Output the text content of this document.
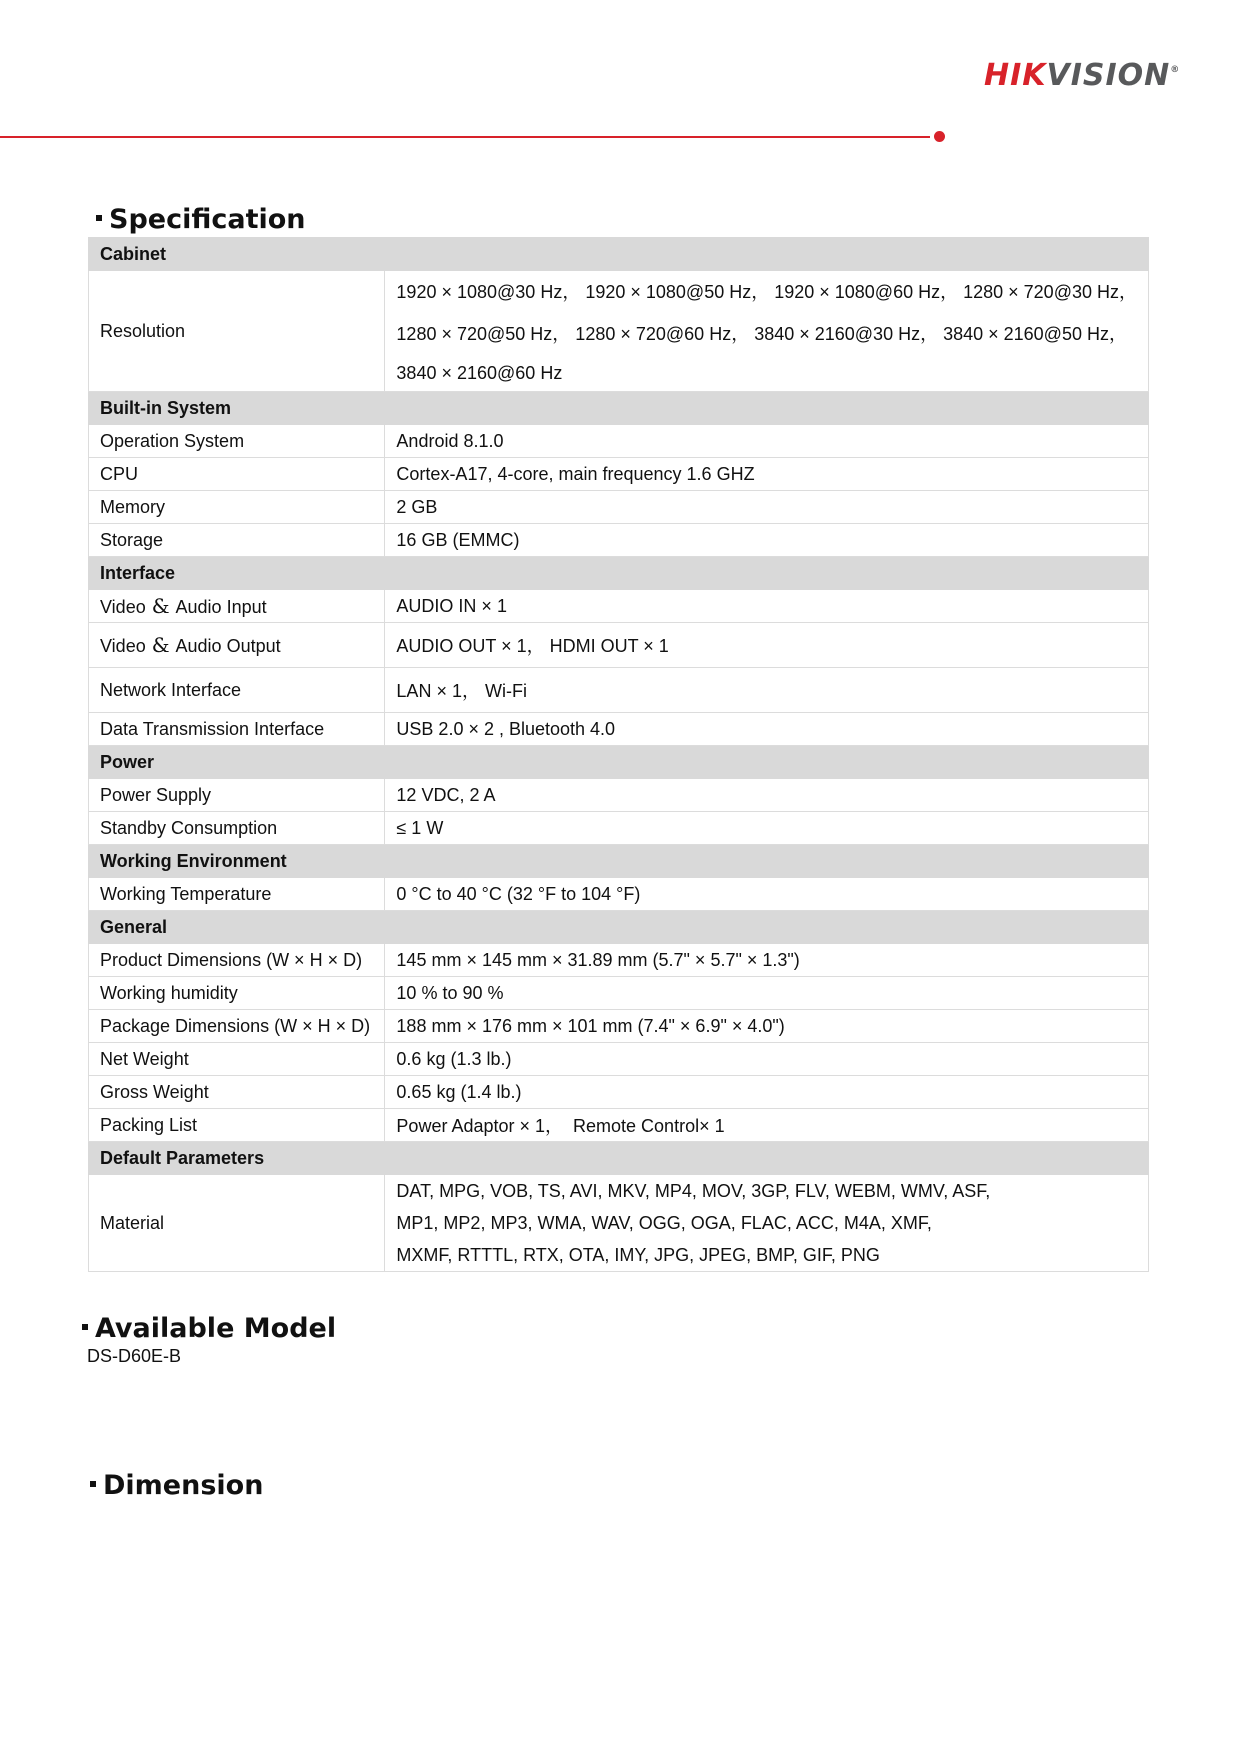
HIKVISION®
Specification
Cabinet	
Resolution	1920 × 1080@30 Hz， 1920 × 1080@50 Hz， 1920 × 1080@60 Hz， 1280 × 720@30 Hz，
1280 × 720@50 Hz， 1280 × 720@60 Hz， 3840 × 2160@30 Hz， 3840 × 2160@50 Hz，
3840 × 2160@60 Hz

Built-in System	
Operation System	Android 8.1.0
CPU	Cortex-A17, 4-core, main frequency 1.6 GHZ
Memory	2 GB
Storage	16 GB (EMMC)
Interface	
Video & Audio Input	AUDIO IN × 1
Video & Audio Output	AUDIO OUT × 1， HDMI OUT × 1
Network Interface	LAN × 1， Wi-Fi
Data Transmission Interface	USB 2.0 × 2 , Bluetooth 4.0
Power	
Power Supply	12 VDC, 2 A
Standby Consumption	≤ 1 W
Working Environment	
Working Temperature	0 °C to 40 °C (32 °F to 104 °F)
General	
Product Dimensions (W × H × D)	145 mm × 145 mm × 31.89 mm (5.7" × 5.7" × 1.3")
Working humidity	10 % to 90 %
Package Dimensions (W × H × D)	188 mm × 176 mm × 101 mm (7.4" × 6.9" × 4.0")
Net Weight	0.6 kg (1.3 lb.)
Gross Weight	0.65 kg (1.4 lb.)
Packing List	Power Adaptor × 1，  Remote Control× 1
Default Parameters	
Material	DAT, MPG, VOB, TS, AVI, MKV, MP4, MOV, 3GP, FLV, WEBM, WMV, ASF,
MP1, MP2, MP3, WMA, WAV, OGG, OGA, FLAC, ACC, M4A, XMF,
MXMF, RTTTL, RTX, OTA, IMY, JPG, JPEG, BMP, GIF, PNG
Available Model
DS-D60E-B
Dimension
